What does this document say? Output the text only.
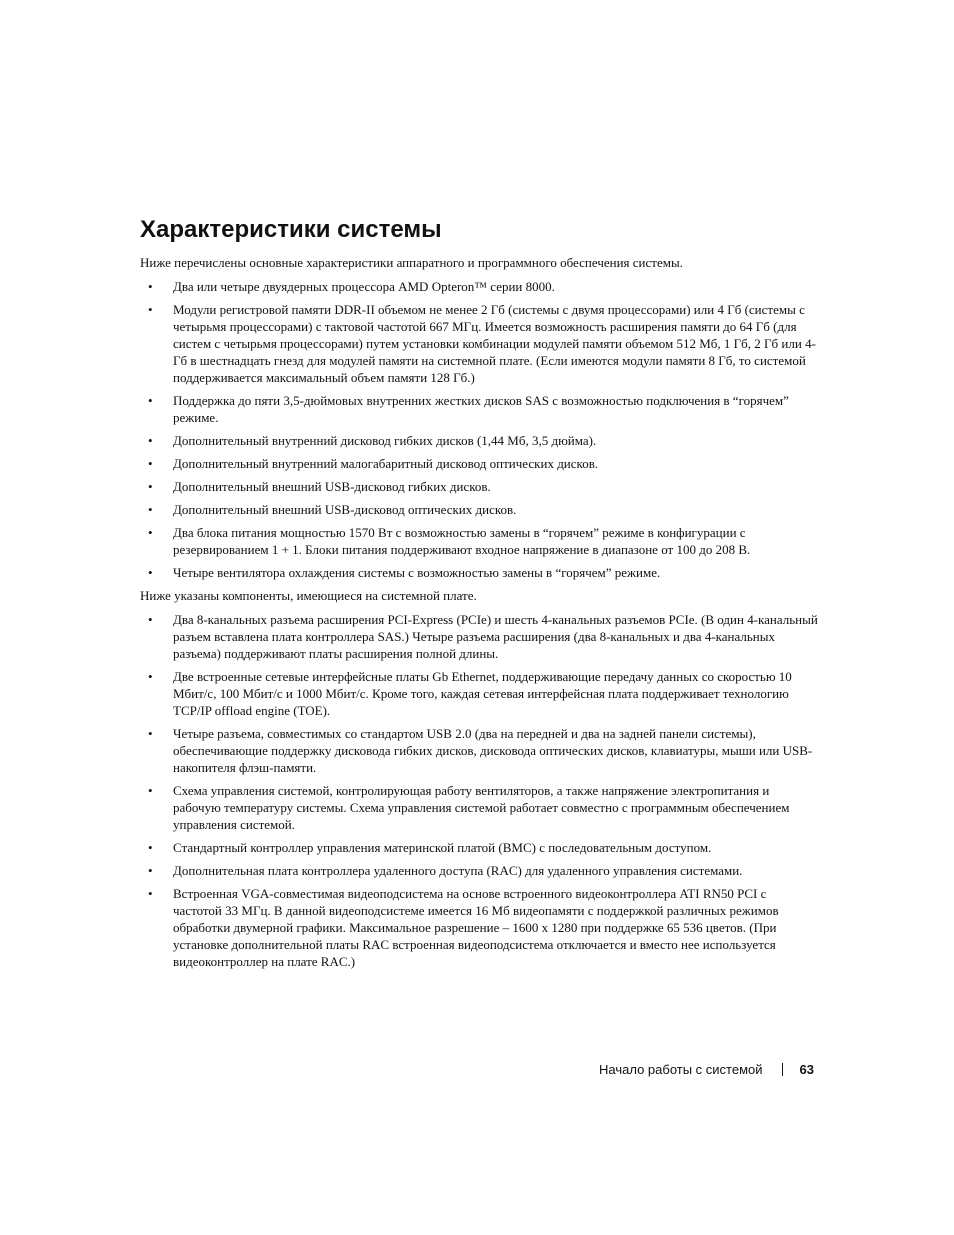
Характеристики системы

Ниже перечислены основные характеристики аппаратного и программного обеспечения системы.

• Два или четыре двуядерных процессора AMD Opteron™ серии 8000.
• Модули регистровой памяти DDR-II объемом не менее 2 Гб (системы с двумя процессорами) или 4 Гб (системы с четырьмя процессорами) с тактовой частотой 667 МГц. Имеется возможность расширения памяти до 64 Гб (для систем с четырьмя процессорами) путем установки комбинации модулей памяти объемом 512 Мб, 1 Гб, 2 Гб или 4-Гб в шестнадцать гнезд для модулей памяти на системной плате. (Если имеются модули памяти 8 Гб, то системой поддерживается максимальный объем памяти 128 Гб.)
• Поддержка до пяти 3,5-дюймовых внутренних жестких дисков SAS с возможностью подключения в “горячем” режиме.
• Дополнительный внутренний дисковод гибких дисков (1,44 Мб, 3,5 дюйма).
• Дополнительный внутренний малогабаритный дисковод оптических дисков.
• Дополнительный внешний USB-дисковод гибких дисков.
• Дополнительный внешний USB-дисковод оптических дисков.
• Два блока питания мощностью 1570 Вт с возможностью замены в “горячем” режиме в конфигурации с резервированием 1 + 1. Блоки питания поддерживают входное напряжение в диапазоне от 100 до 208 В.
• Четыре вентилятора охлаждения системы с возможностью замены в “горячем” режиме.

Ниже указаны компоненты, имеющиеся на системной плате.

• Два 8-канальных разъема расширения PCI-Express (PCIe) и шесть 4-канальных разъемов PCIe. (В один 4-канальный разъем вставлена плата контроллера SAS.) Четыре разъема расширения (два 8-канальных и два 4-канальных разъема) поддерживают платы расширения полной длины.
• Две встроенные сетевые интерфейсные платы Gb Ethernet, поддерживающие передачу данных со скоростью 10 Мбит/с, 100 Мбит/с и 1000 Мбит/с. Кроме того, каждая сетевая интерфейсная плата поддерживает технологию TCP/IP offload engine (TOE).
• Четыре разъема, совместимых со стандартом USB 2.0 (два на передней и два на задней панели системы), обеспечивающие поддержку дисковода гибких дисков, дисковода оптических дисков, клавиатуры, мыши или USB-накопителя флэш-памяти.
• Схема управления системой, контролирующая работу вентиляторов, а также напряжение электропитания и рабочую температуру системы. Схема управления системой работает совместно с программным обеспечением управления системой.
• Стандартный контроллер управления материнской платой (BMC) с последовательным доступом.
• Дополнительная плата контроллера удаленного доступа (RAC) для удаленного управления системами.
• Встроенная VGA-совместимая видеоподсистема на основе встроенного видеоконтроллера ATI RN50 PCI с частотой 33 МГц. В данной видеоподсистеме имеется 16 Мб видеопамяти с поддержкой различных режимов обработки двумерной графики. Максимальное разрешение – 1600 x 1280 при поддержке 65 536 цветов. (При установке дополнительной платы RAC встроенная видеоподсистема отключается и вместо нее используется видеоконтроллер на плате RAC.)
Начало работы с системой	63
